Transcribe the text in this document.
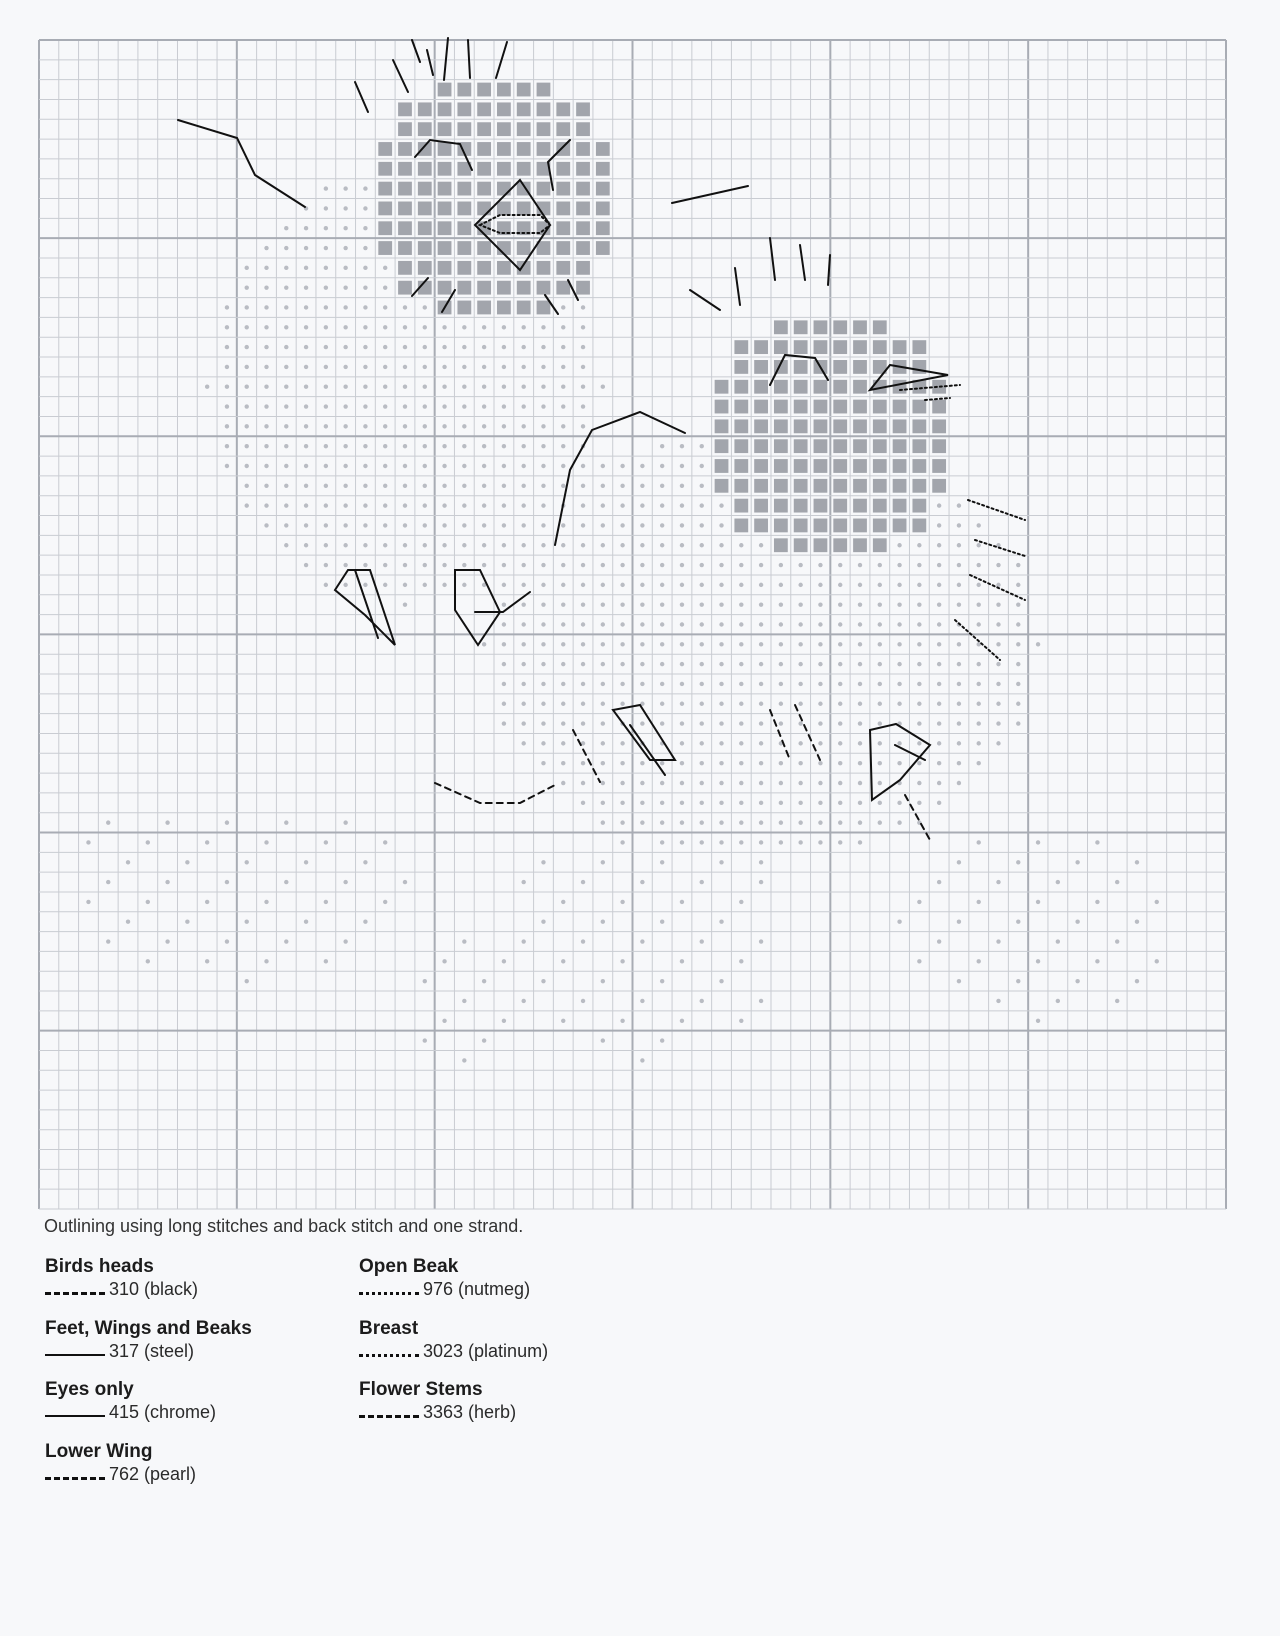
Outlining using long stitches and back stitch and one strand.
Birds heads
310 (black)
Feet, Wings and Beaks
317 (steel)
Eyes only
415 (chrome)
Lower Wing
762 (pearl)
Open Beak
976 (nutmeg)
Breast
3023 (platinum)
Flower Stems
3363 (herb)
